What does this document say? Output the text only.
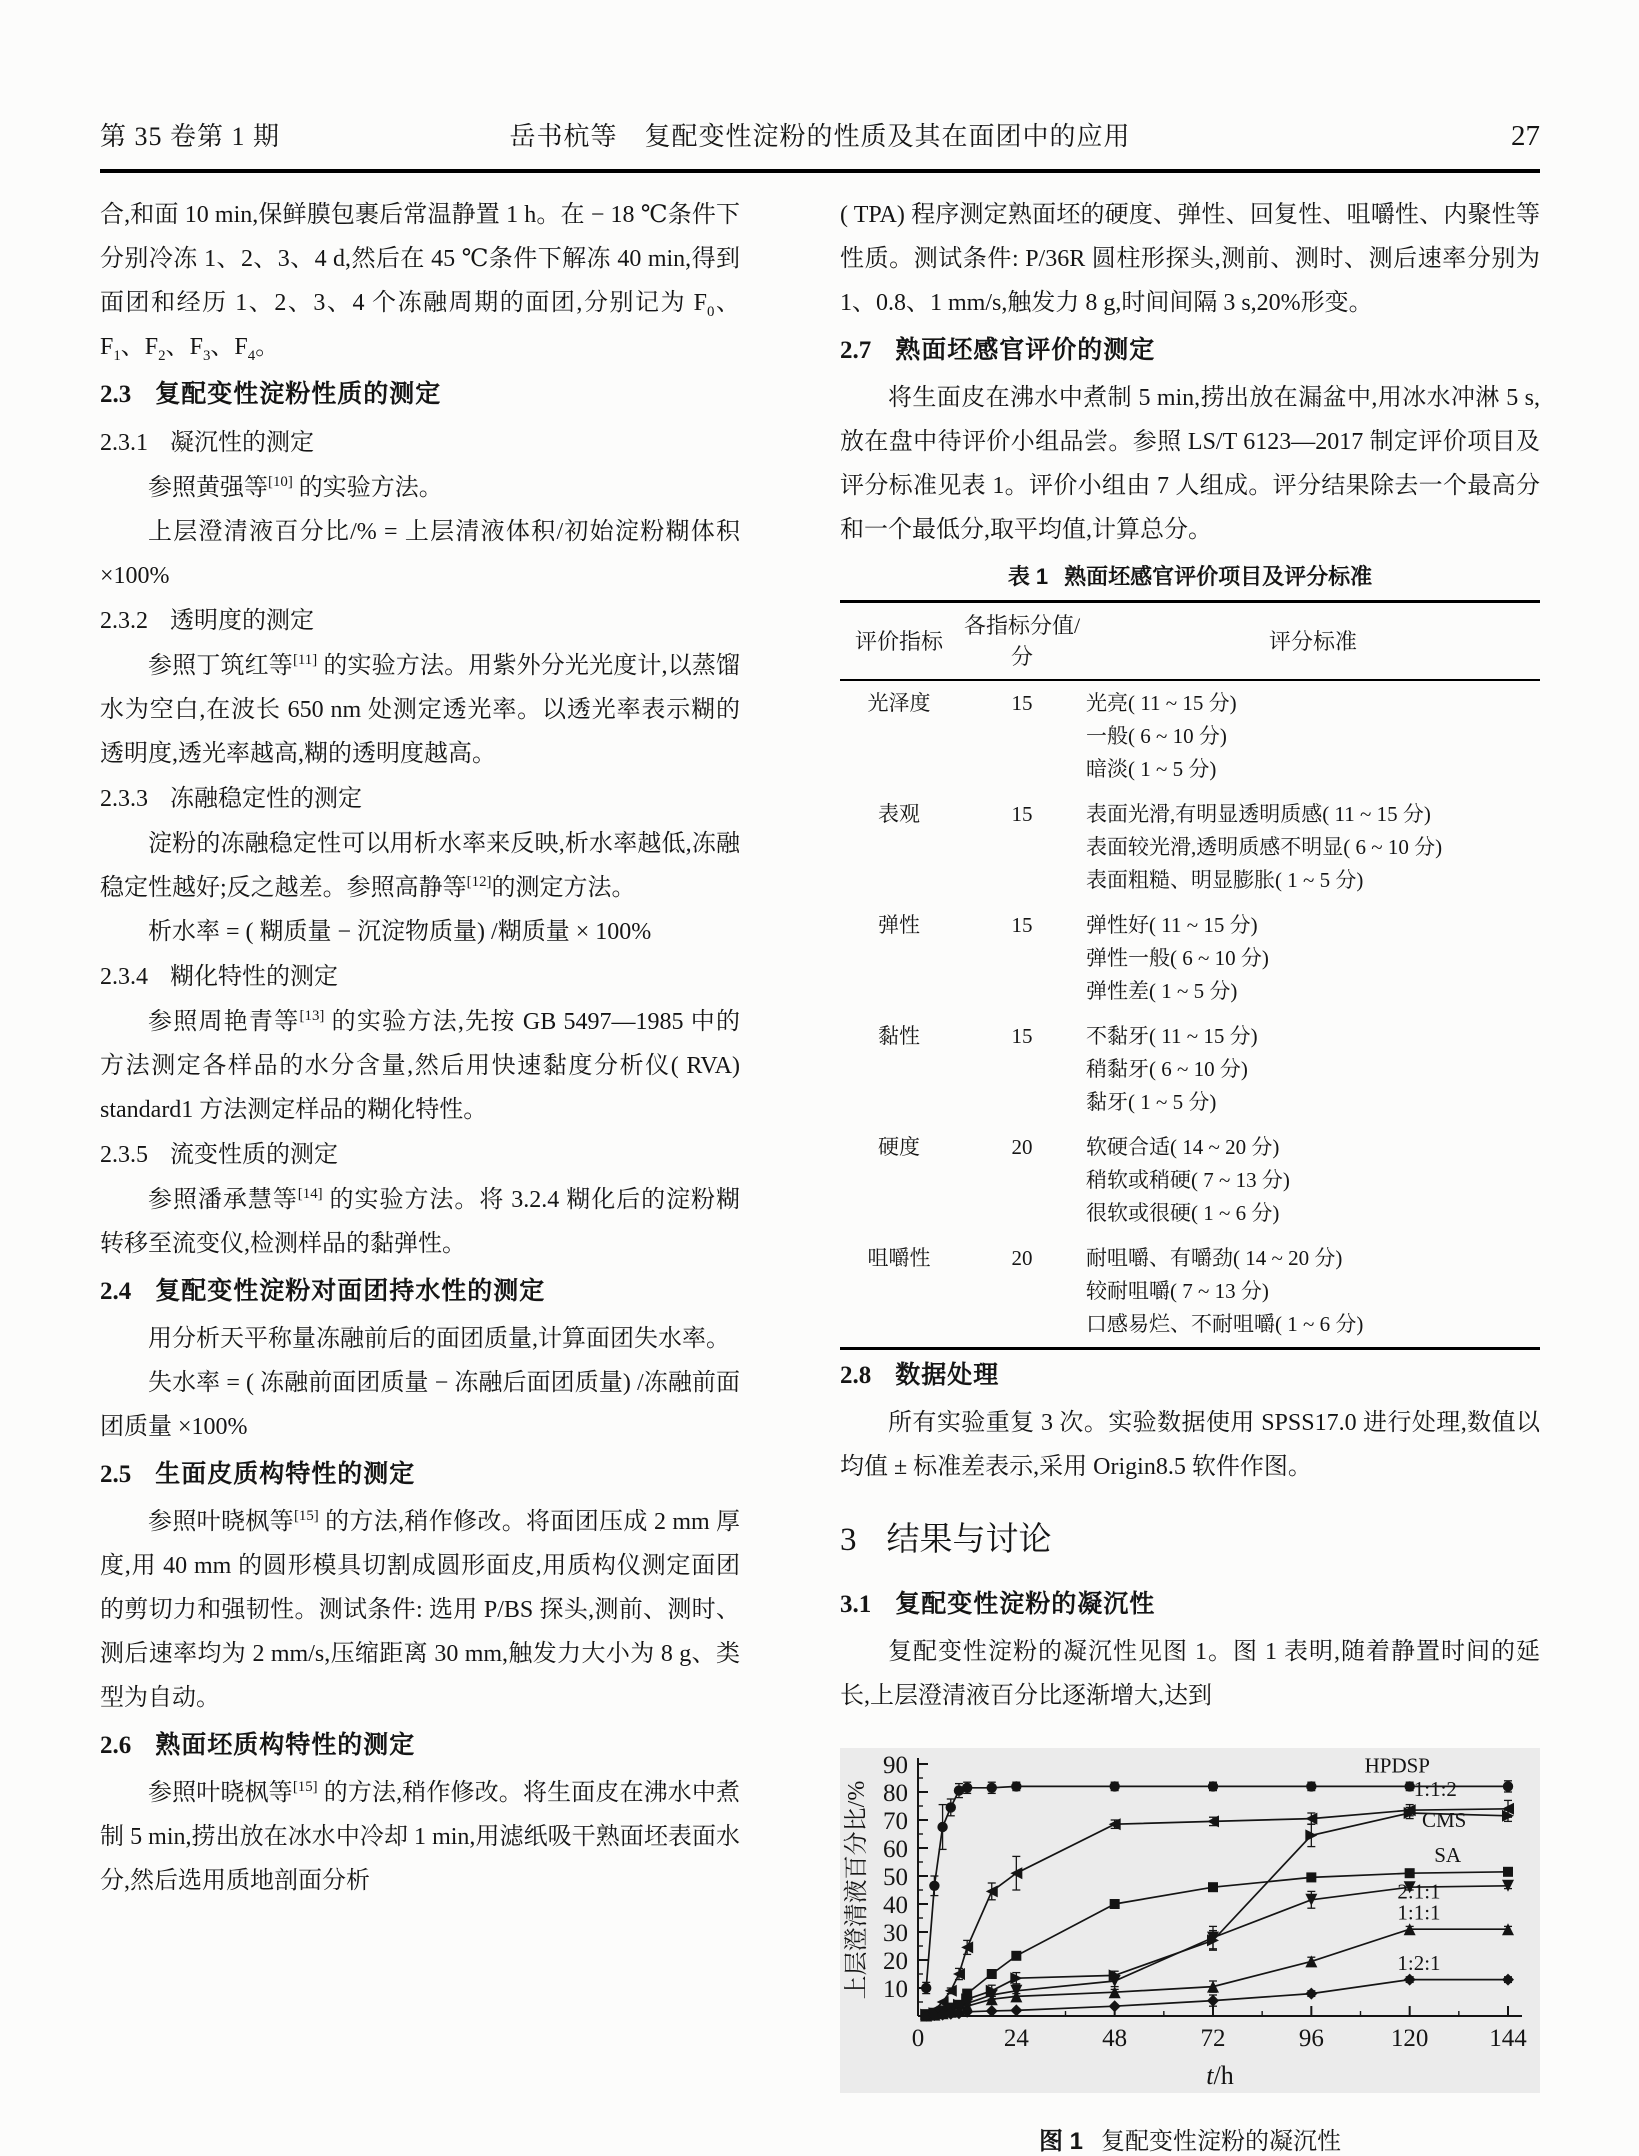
第 35 卷第 1 期	岳书杭等　复配变性淀粉的性质及其在面团中的应用	27
合,和面 10 min,保鲜膜包裹后常温静置 1 h。在 − 18 ℃条件下分别冷冻 1、2、3、4 d,然后在 45 ℃条件下解冻 40 min,得到面团和经历 1、2、3、4 个冻融周期的面团,分别记为 $F_0$、$F_1$、$F_2$、$F_3$、$F_4$。
2.3 复配变性淀粉性质的测定
2.3.1 凝沉性的测定
参照黄强等[10] 的实验方法。
上层澄清液百分比/% = 上层清液体积/初始淀粉糊体积 ×100%
2.3.2 透明度的测定
参照丁筑红等[11] 的实验方法。用紫外分光光度计,以蒸馏水为空白,在波长 650 nm 处测定透光率。以透光率表示糊的透明度,透光率越高,糊的透明度越高。
2.3.3 冻融稳定性的测定
淀粉的冻融稳定性可以用析水率来反映,析水率越低,冻融稳定性越好;反之越差。参照高静等[12]的测定方法。
析水率 = ( 糊质量 − 沉淀物质量) /糊质量 × 100%
2.3.4 糊化特性的测定
参照周艳青等[13] 的实验方法,先按 GB 5497—1985 中的方法测定各样品的水分含量,然后用快速黏度分析仪( RVA) standard1 方法测定样品的糊化特性。
2.3.5 流变性质的测定
参照潘承慧等[14] 的实验方法。将 3.2.4 糊化后的淀粉糊转移至流变仪,检测样品的黏弹性。
2.4 复配变性淀粉对面团持水性的测定
用分析天平称量冻融前后的面团质量,计算面团失水率。
失水率 = ( 冻融前面团质量 − 冻融后面团质量) /冻融前面团质量 ×100%
2.5 生面皮质构特性的测定
参照叶晓枫等[15] 的方法,稍作修改。将面团压成 2 mm 厚度,用 40 mm 的圆形模具切割成圆形面皮,用质构仪测定面团的剪切力和强韧性。测试条件: 选用 P/BS 探头,测前、测时、测后速率均为 2 mm/s,压缩距离 30 mm,触发力大小为 8 g、类型为自动。
2.6 熟面坯质构特性的测定
参照叶晓枫等[15] 的方法,稍作修改。将生面皮在沸水中煮制 5 min,捞出放在冰水中冷却 1 min,用滤纸吸干熟面坯表面水分,然后选用质地剖面分析
( TPA) 程序测定熟面坯的硬度、弹性、回复性、咀嚼性、内聚性等性质。测试条件: P/36R 圆柱形探头,测前、测时、测后速率分别为 1、0.8、1 mm/s,触发力 8 g,时间间隔 3 s,20%形变。
2.7 熟面坯感官评价的测定
将生面皮在沸水中煮制 5 min,捞出放在漏盆中,用冰水冲淋 5 s,放在盘中待评价小组品尝。参照 LS/T 6123—2017 制定评价项目及评分标准见表 1。评价小组由 7 人组成。评分结果除去一个最高分和一个最低分,取平均值,计算总分。
表 1 熟面坯感官评价项目及评分标准
评价指标	各指标分值/分	评分标准
光泽度	15	光亮( 11 ~ 15 分)
一般( 6 ~ 10 分)
暗淡( 1 ~ 5 分)

表观	15	表面光滑,有明显透明质感( 11 ~ 15 分)
表面较光滑,透明质感不明显( 6 ~ 10 分)
表面粗糙、明显膨胀( 1 ~ 5 分)

弹性	15	弹性好( 11 ~ 15 分)
弹性一般( 6 ~ 10 分)
弹性差( 1 ~ 5 分)

黏性	15	不黏牙( 11 ~ 15 分)
稍黏牙( 6 ~ 10 分)
黏牙( 1 ~ 5 分)

硬度	20	软硬合适( 14 ~ 20 分)
稍软或稍硬( 7 ~ 13 分)
很软或很硬( 1 ~ 6 分)

咀嚼性	20	耐咀嚼、有嚼劲( 14 ~ 20 分)
较耐咀嚼( 7 ~ 13 分)
口感易烂、不耐咀嚼( 1 ~ 6 分)
2.8 数据处理
所有实验重复 3 次。实验数据使用 SPSS17.0 进行处理,数值以均值 ± 标准差表示,采用 Origin8.5 软件作图。
3 结果与讨论
3.1 复配变性淀粉的凝沉性
复配变性淀粉的凝沉性见图 1。图 1 表明,随着静置时间的延长,上层澄清液百分比逐渐增大,达到
10
20
30
40
50
60
70
80
90
0	24	48	72	96	120 144
上层澄清液百分比/%
t/h
HPDSP
1:1:2
CMS
SA
2:1:1
1:1:1
1:2:1
图 1 复配变性淀粉的凝沉性
